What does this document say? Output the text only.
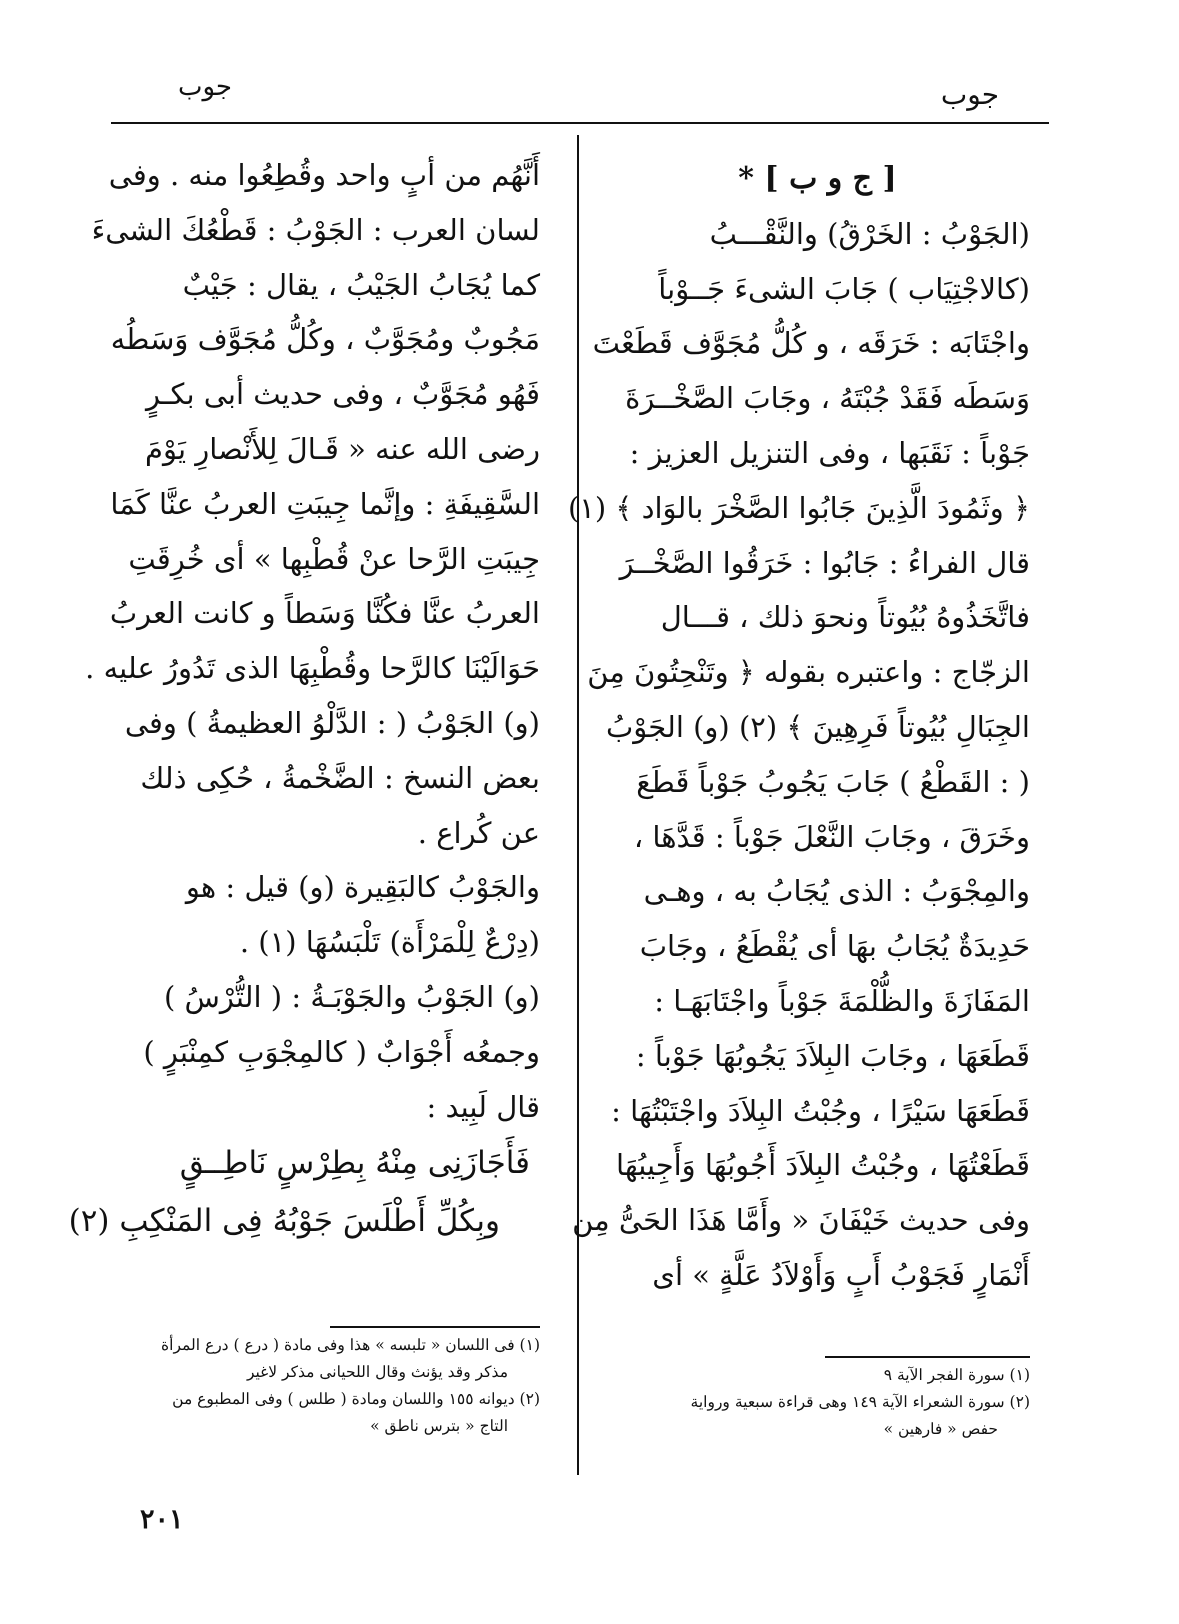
جوب	جوب
[ ج و ب ] *
(الجَوْبُ : الخَرْقُ) والنَّقْـــبُ
(كالاجْتِيَاب ) جَابَ الشىءَ جَــوْباً
واجْتَابَه : خَرَقَه ، و كُلُّ مُجَوَّف قَطَعْتَ
وَسَطَه فَقَدْ جُبْتَهُ ، وجَابَ الصَّخْــرَةَ
جَوْباً : نَقَبَها ، وفى التنزيل العزيز :
﴿ وثَمُودَ الَّذِينَ جَابُوا الصَّخْرَ بالوَاد ﴾ (١)
قال الفراءُ : جَابُوا : خَرَقُوا الصَّخْــرَ
فاتَّخَذُوهُ بُيُوتاً ونحوَ ذلك ، قـــال
الزجّاج : واعتبره بقوله ﴿ وتَنْحِتُونَ مِنَ
الجِبَالِ بُيُوتاً فَرِهِينَ ﴾ (٢) (و) الجَوْبُ
( : القَطْعُ ) جَابَ يَجُوبُ جَوْباً قَطَعَ
وخَرَقَ ، وجَابَ النَّعْلَ جَوْباً : قَدَّهَا ،
والمِجْوَبُ : الذى يُجَابُ به ، وهـى
حَدِيدَةٌ يُجَابُ بهَا أى يُقْطَعُ ، وجَابَ
المَفَازَةَ والظُّلْمَةَ جَوْباً واجْتَابَهَـا :
قَطَعَهَا ، وجَابَ البِلاَدَ يَجُوبُهَا جَوْباً :
قَطَعَهَا سَيْرًا ، وجُبْتُ البِلاَدَ واجْتَبْتُهَا :
قَطَعْتُهَا ، وجُبْتُ البِلاَدَ أَجُوبُهَا وَأَجِيبُهَا
وفى حديث خَيْفَانَ « وأَمَّا هَذَا الحَىُّ مِن
أَنْمَارٍ فَجَوْبُ أَبٍ وَأَوْلاَدُ عَلَّةٍ » أى
أَنَّهُم من أبٍ واحد وقُطِعُوا منه . وفى
لسان العرب : الجَوْبُ : قَطْعُكَ الشىءَ
كما يُجَابُ الجَيْبُ ، يقال : جَيْبٌ
مَجُوبٌ ومُجَوَّبٌ ، وكُلُّ مُجَوَّف وَسَطُه
فَهُو مُجَوَّبٌ ، وفى حديث أبى بكـرٍ
رضى الله عنه « قَـالَ لِلأَنْصارِ يَوْمَ
السَّقِيفَةِ : وإنَّما جِيبَتِ العربُ عنَّا كَمَا
جِيبَتِ الرَّحا عنْ قُطْبِها » أى خُرِقَتِ
العربُ عنَّا فكُنَّا وَسَطاً و كانت العربُ
حَوَالَيْنَا كالرَّحا وقُطْبِهَا الذى تَدُورُ عليه .
(و) الجَوْبُ ( : الدَّلْوُ العظيمةُ ) وفى
بعض النسخ : الضَّخْمةُ ، حُكِى ذلك
عن كُراع .
والجَوْبُ كالبَقِيرة (و) قيل : هو
(دِرْعٌ لِلْمَرْأَة) تَلْبَسُهَا (١) .
(و) الجَوْبُ والجَوْبَـةُ : ( التُّرْسُ )
وجمعُه أَجْوَابٌ ( كالمِجْوَبِ كمِنْبَرٍ )
قال لَبِيد :
فَأَجَازَنِى مِنْهُ بِطِرْسٍ نَاطِــقٍ
وبِكُلِّ أَطْلَسَ جَوْبُهُ فِى المَنْكِبِ (٢)
(١) سورة الفجر الآية ٩
(٢) سورة الشعراء الآية ١٤٩ وهى قراءة سبعية ورواية
حفص « فارهين »
(١) فى اللسان « تلبسه » هذا وفى مادة ( درع ) درع المرأة
مذكر وقد يؤنث وقال اللحيانى مذكر لاغير
(٢) ديوانه ١٥٥ واللسان ومادة ( طلس ) وفى المطبوع من
التاج « بترس ناطق »
٢٠١
